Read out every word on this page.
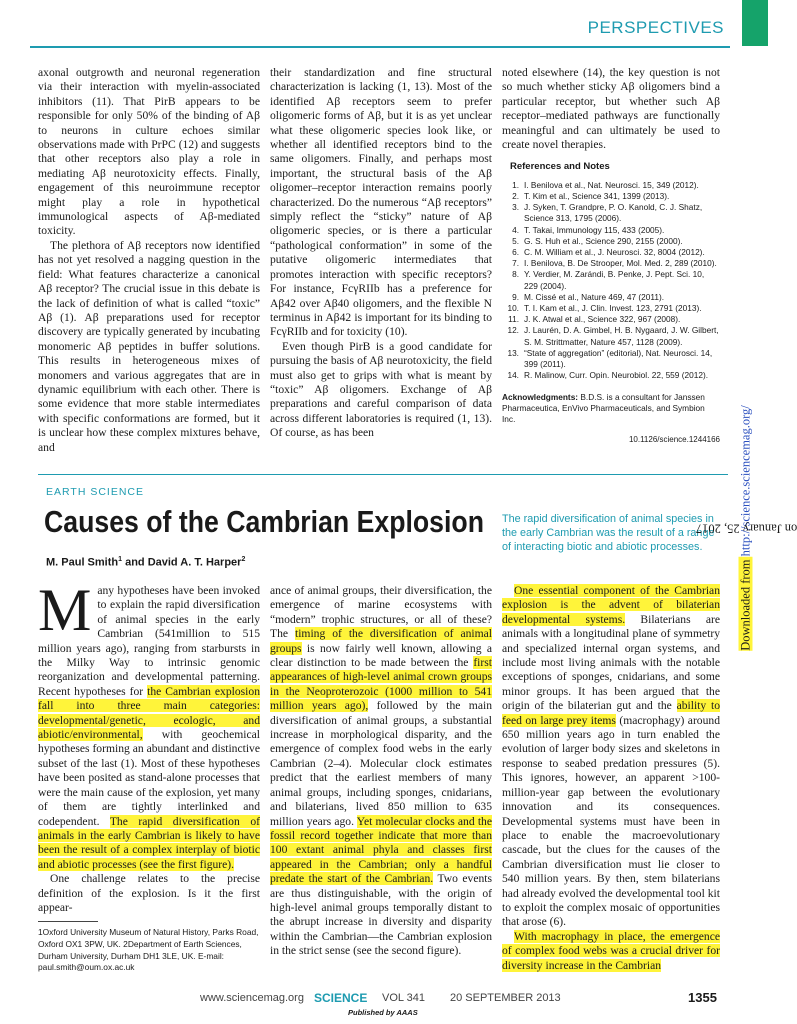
PERSPECTIVES

axonal outgrowth and neuronal regeneration via their interaction with myelin-associated inhibitors (11). That PirB appears to be responsible for only 50% of the binding of Aβ to neurons in culture echoes similar observations made with PrPC (12) and suggests that other receptors also play a role in mediating Aβ neurotoxicity effects. Finally, engagement of this neuroimmune receptor might play a role in hypothetical immunological aspects of Aβ-mediated toxicity.

The plethora of Aβ receptors now identified has not yet resolved a nagging question in the field: What features characterize a canonical Aβ receptor? The crucial issue in this debate is the lack of definition of what is called “toxic” Aβ (1). Aβ preparations used for receptor discovery are typically generated by incubating monomeric Aβ peptides in buffer solutions. This results in heterogeneous mixes of monomers and various aggregates that are in dynamic equilibrium with each other. There is some evidence that more stable intermediates with specific conformations are formed, but it is unclear how these complex mixtures behave, and

their standardization and fine structural characterization is lacking (1, 13). Most of the identified Aβ receptors seem to prefer oligomeric forms of Aβ, but it is as yet unclear what these oligomeric species look like, or whether all identified receptors bind to the same oligomers. Finally, and perhaps most important, the structural basis of the Aβ oligomer–receptor interaction remains poorly characterized. Do the numerous “Aβ receptors” simply reflect the “sticky” nature of Aβ oligomeric species, or is there a particular “pathological conformation” in some of the putative oligomeric intermediates that promotes interaction with specific receptors? For instance, FcγRIIb has a preference for Aβ42 over Aβ40 oligomers, and the flexible N terminus in Aβ42 is important for its binding to FcγRIIb and for toxicity (10).

Even though PirB is a good candidate for pursuing the basis of Aβ neurotoxicity, the field must also get to grips with what is meant by “toxic” Aβ oligomers. Exchange of Aβ preparations and careful comparison of data across different laboratories is required (1, 13). Of course, as has been

noted elsewhere (14), the key question is not so much whether sticky Aβ oligomers bind a particular receptor, but whether such Aβ receptor–mediated pathways are functionally meaningful and can ultimately be used to create novel therapies.

References and Notes
1. I. Benilova et al., Nat. Neurosci. 15, 349 (2012).
2. T. Kim et al., Science 341, 1399 (2013).
3. J. Syken, T. Grandpre, P. O. Kanold, C. J. Shatz, Science 313, 1795 (2006).
4. T. Takai, Immunology 115, 433 (2005).
5. G. S. Huh et al., Science 290, 2155 (2000).
6. C. M. William et al., J. Neurosci. 32, 8004 (2012).
7. I. Benilova, B. De Strooper, Mol. Med. 2, 289 (2010).
8. Y. Verdier, M. Zarándi, B. Penke, J. Pept. Sci. 10, 229 (2004).
9. M. Cissé et al., Nature 469, 47 (2011).
10. T. I. Kam et al., J. Clin. Invest. 123, 2791 (2013).
11. J. K. Atwal et al., Science 322, 967 (2008).
12. J. Laurén, D. A. Gimbel, H. B. Nygaard, J. W. Gilbert, S. M. Strittmatter, Nature 457, 1128 (2009).
13. “State of aggregation” (editorial), Nat. Neurosci. 14, 399 (2011).
14. R. Malinow, Curr. Opin. Neurobiol. 22, 559 (2012).

Acknowledgments: B.D.S. is a consultant for Janssen Pharmaceutica, EnVivo Pharmaceuticals, and Symbion Inc.

10.1126/science.1244166

EARTH SCIENCE
Causes of the Cambrian Explosion
M. Paul Smith$^1$ and David A. T. Harper$^2$
The rapid diversification of animal species in the early Cambrian was the result of a range of interacting biotic and abiotic processes.

Many hypotheses have been invoked to explain the rapid diversification of animal species in the early Cambrian (541million to 515 million years ago), ranging from starbursts in the Milky Way to intrinsic genomic reorganization and developmental patterning. Recent hypotheses for the Cambrian explosion fall into three main categories: developmental/genetic, ecologic, and abiotic/environmental, with geochemical hypotheses forming an abundant and distinctive subset of the last (1). Most of these hypotheses have been posited as stand-alone processes that were the main cause of the explosion, yet many of them are tightly interlinked and codependent. The rapid diversification of animals in the early Cambrian is likely to have been the result of a complex interplay of biotic and abiotic processes (see the first figure).

One challenge relates to the precise definition of the explosion. Is it the first appear-

1Oxford University Museum of Natural History, Parks Road, Oxford OX1 3PW, UK. 2Department of Earth Sciences, Durham University, Durham DH1 3LE, UK. E-mail: paul.smith@oum.ox.ac.uk

ance of animal groups, their diversification, the emergence of marine ecosystems with “modern” trophic structures, or all of these? The timing of the diversification of animal groups is now fairly well known, allowing a clear distinction to be made between the first appearances of high-level animal crown groups in the Neoproterozoic (1000 million to 541 million years ago), followed by the main diversification of animal groups, a substantial increase in morphological disparity, and the emergence of complex food webs in the early Cambrian (2–4). Molecular clock estimates predict that the earliest members of many animal groups, including sponges, cnidarians, and bilaterians, lived 850 million to 635 million years ago. Yet molecular clocks and the fossil record together indicate that more than 100 extant animal phyla and classes first appeared in the Cambrian; only a handful predate the start of the Cambrian. Two events are thus distinguishable, with the origin of high-level animal groups temporally distant to the abrupt increase in diversity and disparity within the Cambrian—the Cambrian explosion in the strict sense (see the second figure).

One essential component of the Cambrian explosion is the advent of bilaterian developmental systems. Bilaterians are animals with a longitudinal plane of symmetry and specialized internal organ systems, and include most living animals with the notable exceptions of sponges, cnidarians, and some minor groups. It has been argued that the origin of the bilaterian gut and the ability to feed on large prey items (macrophagy) around 650 million years ago in turn enabled the evolution of larger body sizes and skeletons in response to seabed predation pressures (5). This ignores, however, an apparent >100-million-year gap between the evolutionary innovation and its consequences. Developmental systems must have been in place to enable the macroevolutionary cascade, but the clues for the causes of the Cambrian diversification must lie closer to 540 million years. By then, stem bilaterians had already evolved the developmental tool kit to exploit the complex mosaic of opportunities that arose (6).

With macrophagy in place, the emergence of complex food webs was a crucial driver for diversity increase in the Cambrian

Downloaded from http://science.sciencemag.org/
on January 25, 2017
www.sciencemag.org SCIENCE VOL 341 20 SEPTEMBER 2013	1355
Published by AAAS
